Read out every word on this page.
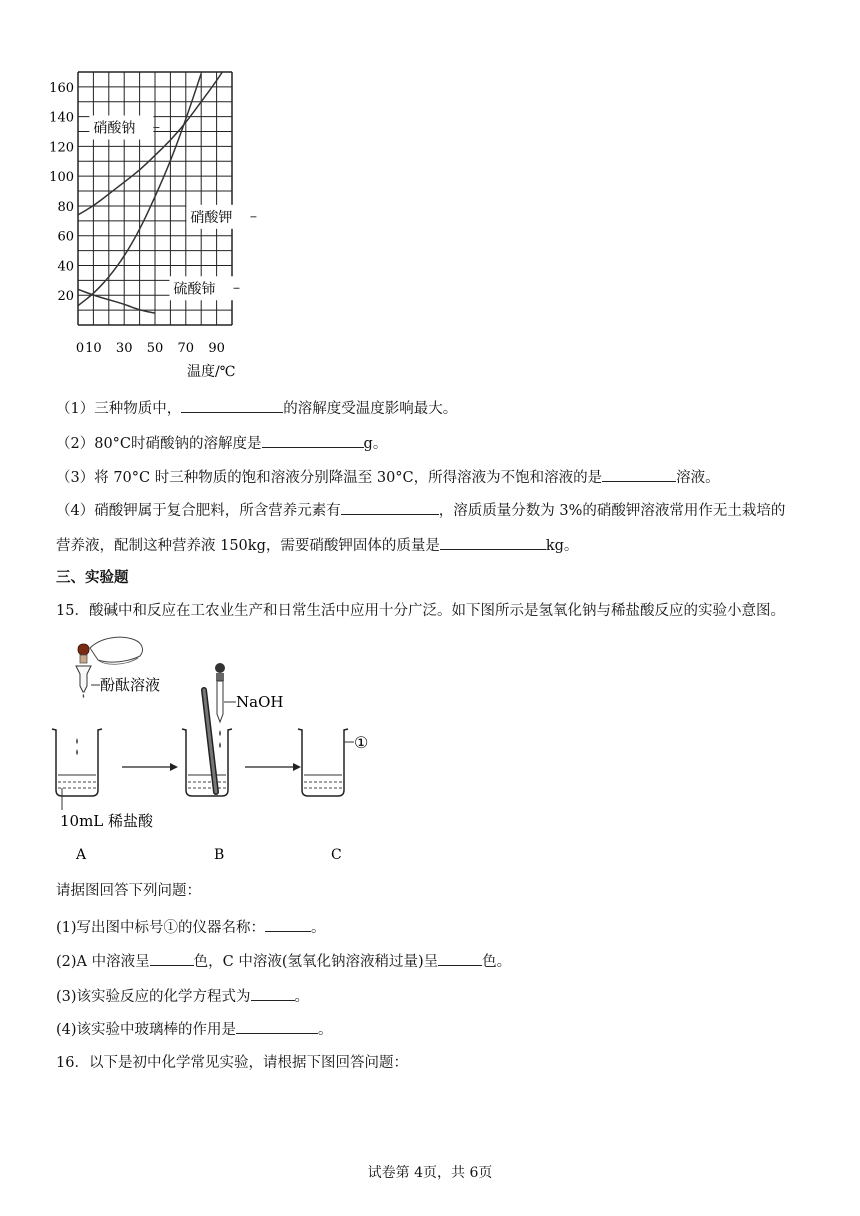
20
40
60
80
100
120
140
160
0 10 30 50 70 90
硝酸钠
硝酸钾
硫酸铈
温度/℃
（1）三种物质中，	的溶解度受温度影响最大。
（2）80°C时硝酸钠的溶解度是	g。
（3）将 70°C 时三种物质的饱和溶液分别降温至 30°C，所得溶液为不饱和溶液的是	溶液。
（4）硝酸钾属于复合肥料，所含营养元素有	，溶质质量分数为 3%的硝酸钾溶液常用作无土栽培的
营养液，配制这种营养液 150kg，需要硝酸钾固体的质量是	kg。
三、实验题
15．酸碱中和反应在工农业生产和日常生活中应用十分广泛。如下图所示是氢氧化钠与稀盐酸反应的实验小意图。
酚酞溶液
10mL 稀盐酸
NaOH
①
A	B	C
请据图回答下列问题：
(1)写出图中标号①的仪器名称：	。
(2)A 中溶液呈	色，C 中溶液(氢氧化钠溶液稍过量)呈	色。
(3)该实验反应的化学方程式为	。
(4)该实验中玻璃棒的作用是	。
16．以下是初中化学常见实验，请根据下图回答问题：
试卷第 4页，共 6页
